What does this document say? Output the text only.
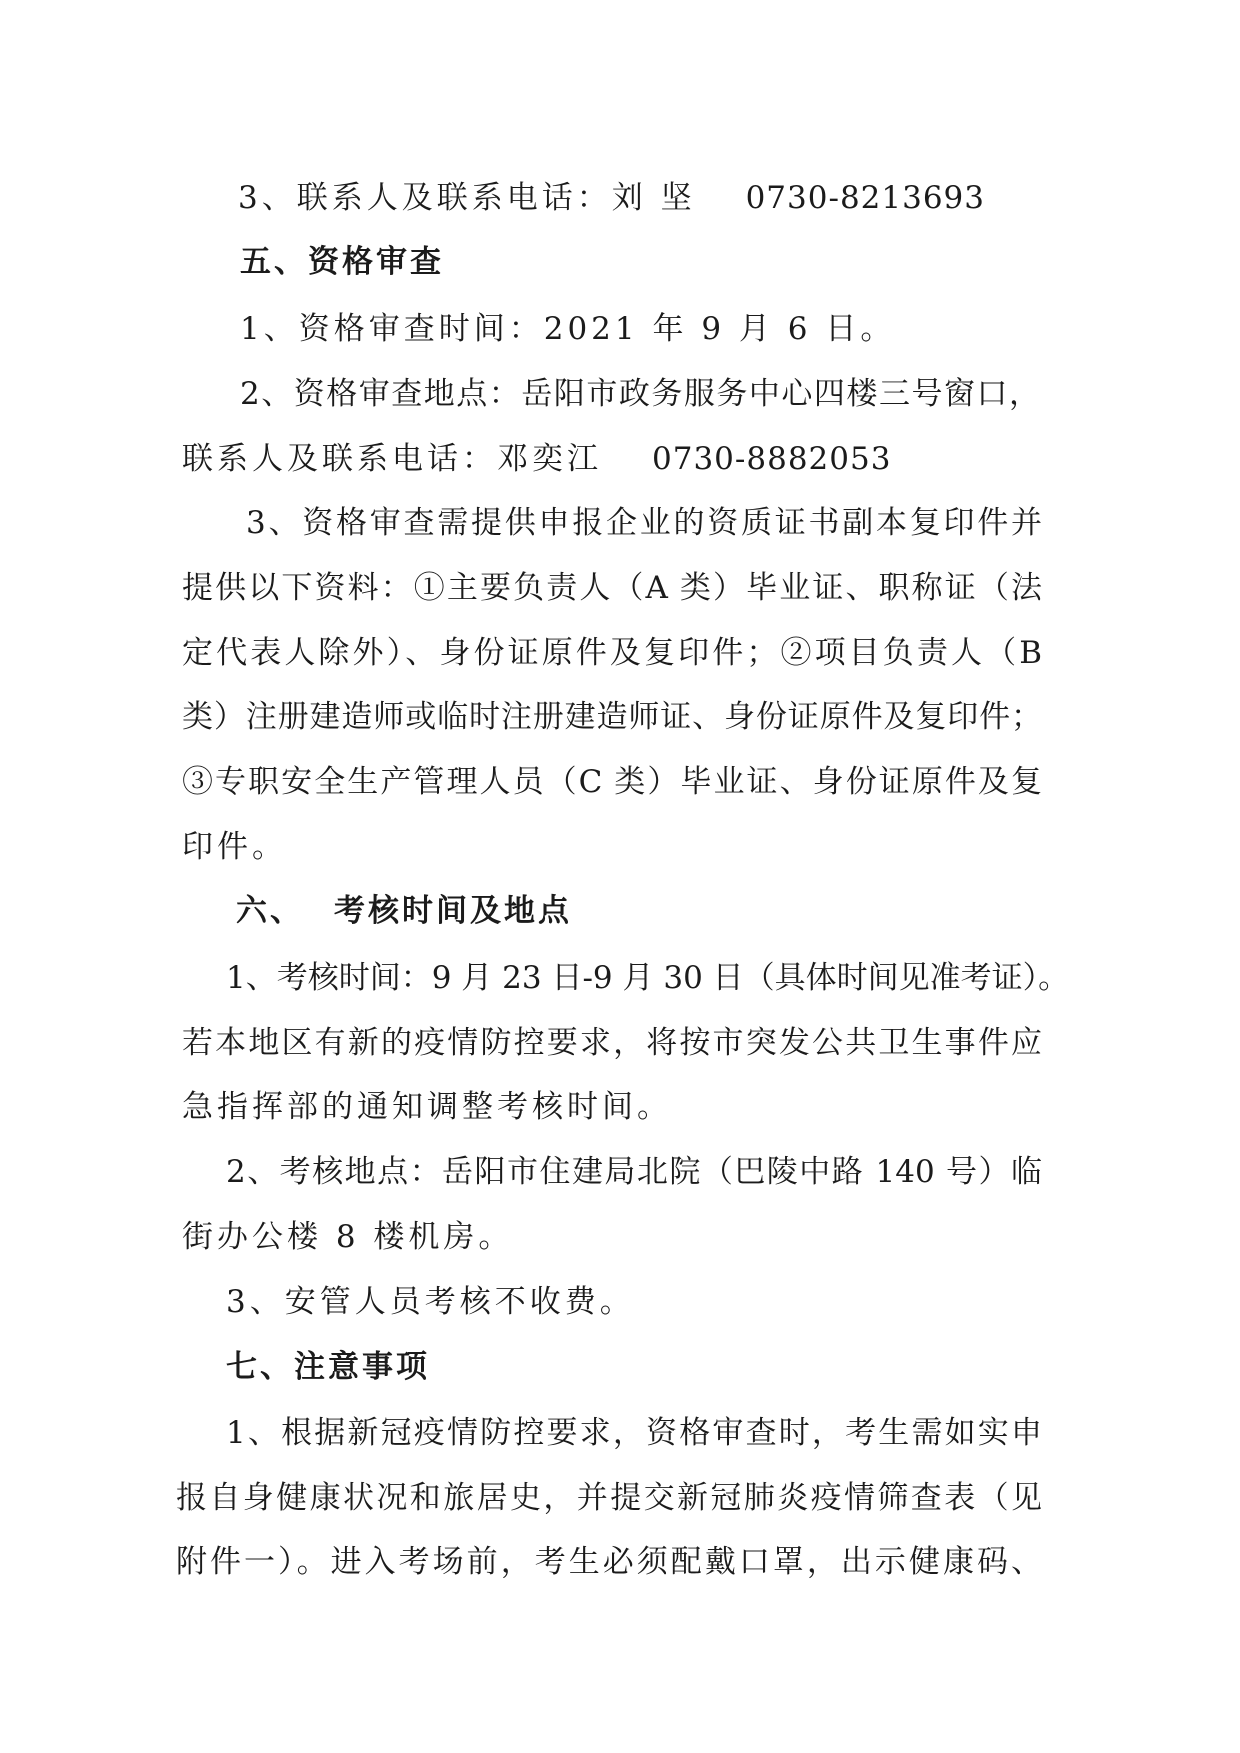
3、联系人及联系电话：刘 坚 0730-8213693
五、资格审查
1、资格审查时间：2021 年 9 月 6 日。
2、资格审查地点：岳阳市政务服务中心四楼三号窗口，
联系人及联系电话：邓奕江 0730-8882053
3、资格审查需提供申报企业的资质证书副本复印件并
提供以下资料：①主要负责人（A 类）毕业证、职称证（法
定代表人除外）、身份证原件及复印件；②项目负责人（B
类）注册建造师或临时注册建造师证、身份证原件及复印件；
③专职安全生产管理人员（C 类）毕业证、身份证原件及复
印件。
六、 考核时间及地点
1、考核时间：9 月 23 日-9 月 30 日（具体时间见准考证）。
若本地区有新的疫情防控要求，将按市突发公共卫生事件应
急指挥部的通知调整考核时间。
2、考核地点：岳阳市住建局北院（巴陵中路 140 号）临
街办公楼 8 楼机房。
3、安管人员考核不收费。
七、注意事项
1、根据新冠疫情防控要求，资格审查时，考生需如实申
报自身健康状况和旅居史，并提交新冠肺炎疫情筛查表（见
附件一）。进入考场前，考生必须配戴口罩，出示健康码、
